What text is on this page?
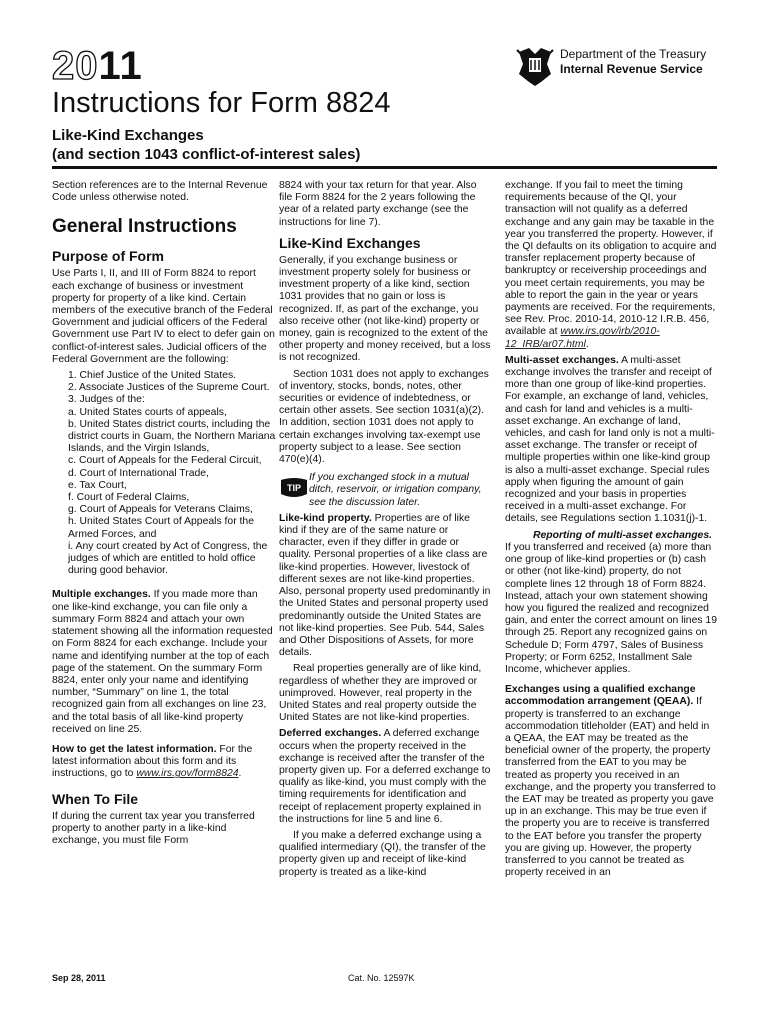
2011	Department of the Treasury
Internal Revenue Service
Instructions for Form 8824
Like-Kind Exchanges
(and section 1043 conflict-of-interest sales)

Section references are to the Internal Revenue Code unless otherwise noted.

General Instructions
Purpose of Form

Use Parts I, II, and III of Form 8824 to report each exchange of business or investment property for property of a like kind. Certain members of the executive branch of the Federal Government and judicial officers of the Federal Government use Part IV to elect to defer gain on conflict-of-interest sales. Judicial officers of the Federal Government are the following:

1. Chief Justice of the United States.
2. Associate Justices of the Supreme Court.
3. Judges of the:
a. United States courts of appeals,
b. United States district courts, including the district courts in Guam, the Northern Mariana Islands, and the Virgin Islands,
c. Court of Appeals for the Federal Circuit,
d. Court of International Trade,
e. Tax Court,
f. Court of Federal Claims,
g. Court of Appeals for Veterans Claims,
h. United States Court of Appeals for the Armed Forces, and
i. Any court created by Act of Congress, the judges of which are entitled to hold office during good behavior.

Multiple exchanges. If you made more than one like-kind exchange, you can file only a summary Form 8824 and attach your own statement showing all the information requested on Form 8824 for each exchange. Include your name and identifying number at the top of each page of the statement. On the summary Form 8824, enter only your name and identifying number, “Summary” on line 1, the total recognized gain from all exchanges on line 23, and the total basis of all like-kind property received on line 25.

How to get the latest information. For the latest information about this form and its instructions, go to www.irs.gov/form8824.

When To File

If during the current tax year you transferred property to another party in a like-kind exchange, you must file Form

8824 with your tax return for that year. Also file Form 8824 for the 2 years following the year of a related party exchange (see the instructions for line 7).

Like-Kind Exchanges

Generally, if you exchange business or investment property solely for business or investment property of a like kind, section 1031 provides that no gain or loss is recognized. If, as part of the exchange, you also receive other (not like-kind) property or money, gain is recognized to the extent of the other property and money received, but a loss is not recognized.

Section 1031 does not apply to exchanges of inventory, stocks, bonds, notes, other securities or evidence of indebtedness, or certain other assets. See section 1031(a)(2). In addition, section 1031 does not apply to certain exchanges involving tax-exempt use property subject to a lease. See section 470(e)(4).

TIP
If you exchanged stock in a mutual ditch, reservoir, or irrigation company, see the discussion later.

Like-kind property. Properties are of like kind if they are of the same nature or character, even if they differ in grade or quality. Personal properties of a like class are like-kind properties. However, livestock of different sexes are not like-kind properties. Also, personal property used predominantly in the United States and personal property used predominantly outside the United States are not like-kind properties. See Pub. 544, Sales and Other Dispositions of Assets, for more details.

Real properties generally are of like kind, regardless of whether they are improved or unimproved. However, real property in the United States and real property outside the United States are not like-kind properties.

Deferred exchanges. A deferred exchange occurs when the property received in the exchange is received after the transfer of the property given up. For a deferred exchange to qualify as like-kind, you must comply with the timing requirements for identification and receipt of replacement property explained in the instructions for line 5 and line 6.

If you make a deferred exchange using a qualified intermediary (QI), the transfer of the property given up and receipt of like-kind property is treated as a like-kind

exchange. If you fail to meet the timing requirements because of the QI, your transaction will not qualify as a deferred exchange and any gain may be taxable in the year you transferred the property. However, if the QI defaults on its obligation to acquire and transfer replacement property because of bankruptcy or receivership proceedings and you meet certain requirements, you may be able to report the gain in the year or years payments are received. For the requirements, see Rev. Proc. 2010-14, 2010-12 I.R.B. 456, available at www.irs.gov/irb/2010-12_IRB/ar07.html.

Multi-asset exchanges. A multi-asset exchange involves the transfer and receipt of more than one group of like-kind properties. For example, an exchange of land, vehicles, and cash for land and vehicles is a multi-asset exchange. An exchange of land, vehicles, and cash for land only is not a multi-asset exchange. The transfer or receipt of multiple properties within one like-kind group is also a multi-asset exchange. Special rules apply when figuring the amount of gain recognized and your basis in properties received in a multi-asset exchange. For details, see Regulations section 1.1031(j)-1.

Reporting of multi-asset exchanges. If you transferred and received (a) more than one group of like-kind properties or (b) cash or other (not like-kind) property, do not complete lines 12 through 18 of Form 8824. Instead, attach your own statement showing how you figured the realized and recognized gain, and enter the correct amount on lines 19 through 25. Report any recognized gains on Schedule D; Form 4797, Sales of Business Property; or Form 6252, Installment Sale Income, whichever applies.

Exchanges using a qualified exchange accommodation arrangement (QEAA). If property is transferred to an exchange accommodation titleholder (EAT) and held in a QEAA, the EAT may be treated as the beneficial owner of the property, the property transferred from the EAT to you may be treated as property you received in an exchange, and the property you transferred to the EAT may be treated as property you gave up in an exchange. This may be true even if the property you are to receive is transferred to the EAT before you transfer the property you are giving up. However, the property transferred to you cannot be treated as property received in an

Sep 28, 2011	Cat. No. 12597K
